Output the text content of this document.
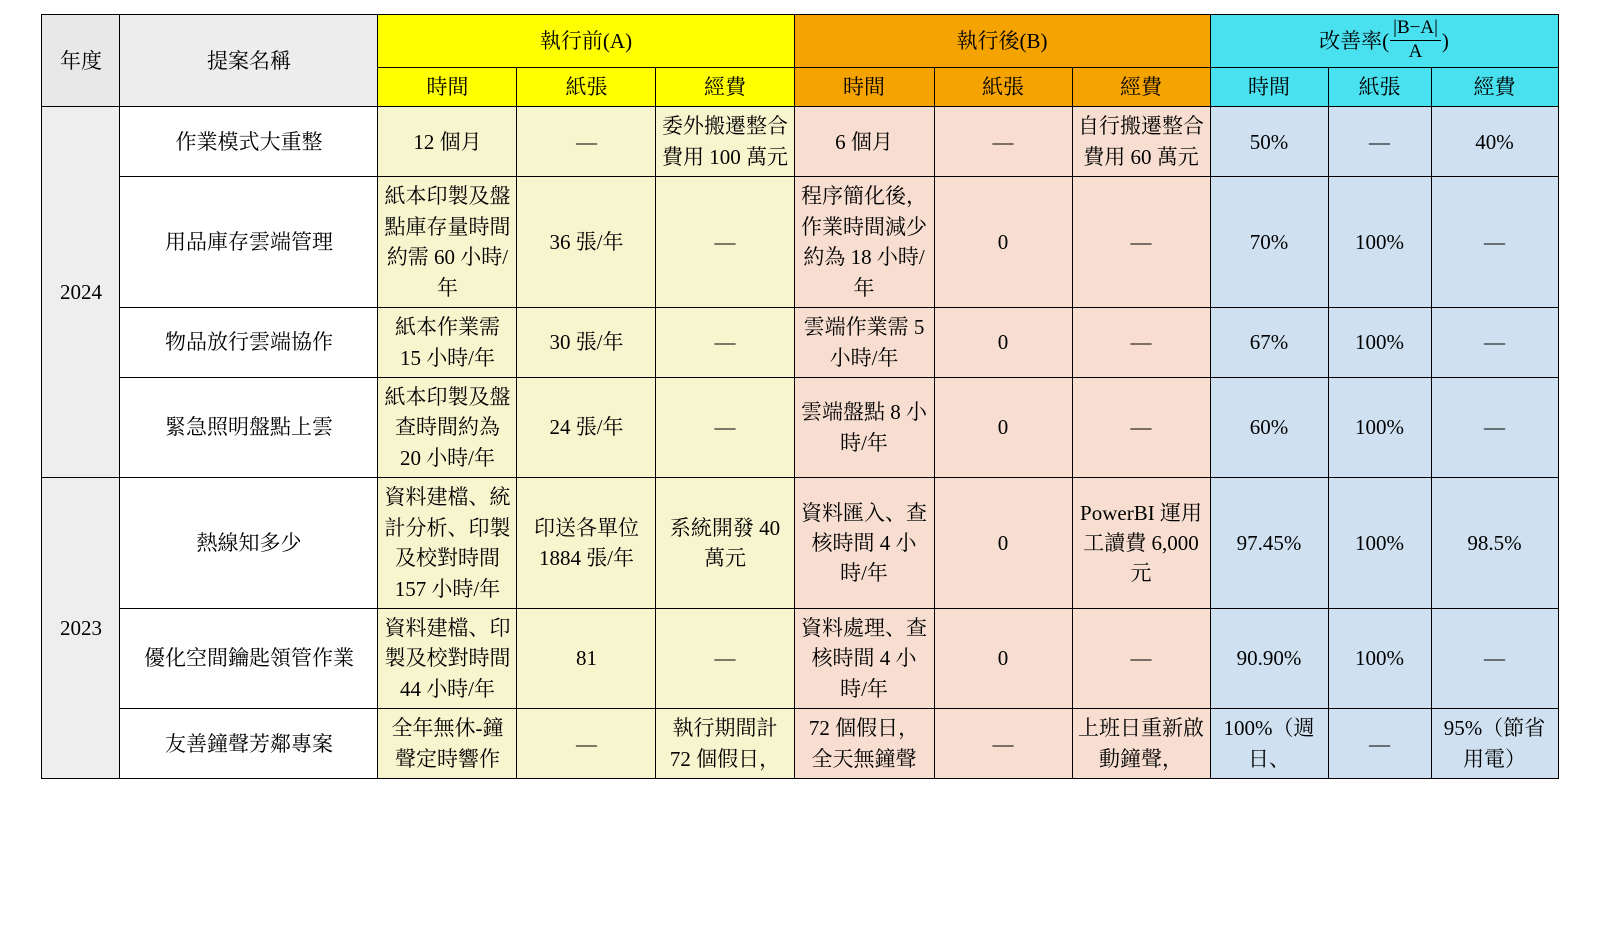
年度	提案名稱	執行前(A)			執行後(B)			改善率( $\frac{|B-A|}{A}$ )		

		時間	紙張	經費	時間	紙張	經費	時間	紙張	經費
2024	作業模式大重整	12 個月	—	委外搬遷整合費用 100 萬元	6 個月	—	自行搬遷整合費用 60 萬元	50%	—	40%
	用品庫存雲端管理	紙本印製及盤點庫存量時間約需 60 小時/年	36 張/年	—	程序簡化後，作業時間減少約為 18 小時/年	0	—	70%	100%	—
	物品放行雲端協作	紙本作業需 15 小時/年	30 張/年	—	雲端作業需 5 小時/年	0	—	67%	100%	—
	緊急照明盤點上雲	紙本印製及盤查時間約為 20 小時/年	24 張/年	—	雲端盤點 8 小時/年	0	—	60%	100%	—
2023	熱線知多少	資料建檔、統計分析、印製及校對時間 157 小時/年	印送各單位 1884 張/年	系統開發 40 萬元	資料匯入、查核時間 4 小時/年	0	PowerBI 運用工讀費 6,000 元	97.45%	100%	98.5%
	優化空間鑰匙領管作業	資料建檔、印製及校對時間 44 小時/年	81	—	資料處理、查核時間 4 小時/年	0	—	90.90%	100%	—
	友善鐘聲芳鄰專案	全年無休-鐘聲定時響作	—	執行期間計 72 個假日，	72 個假日，全天無鐘聲	—	上班日重新啟動鐘聲，	100%（週日、	—	95%（節省用電）
